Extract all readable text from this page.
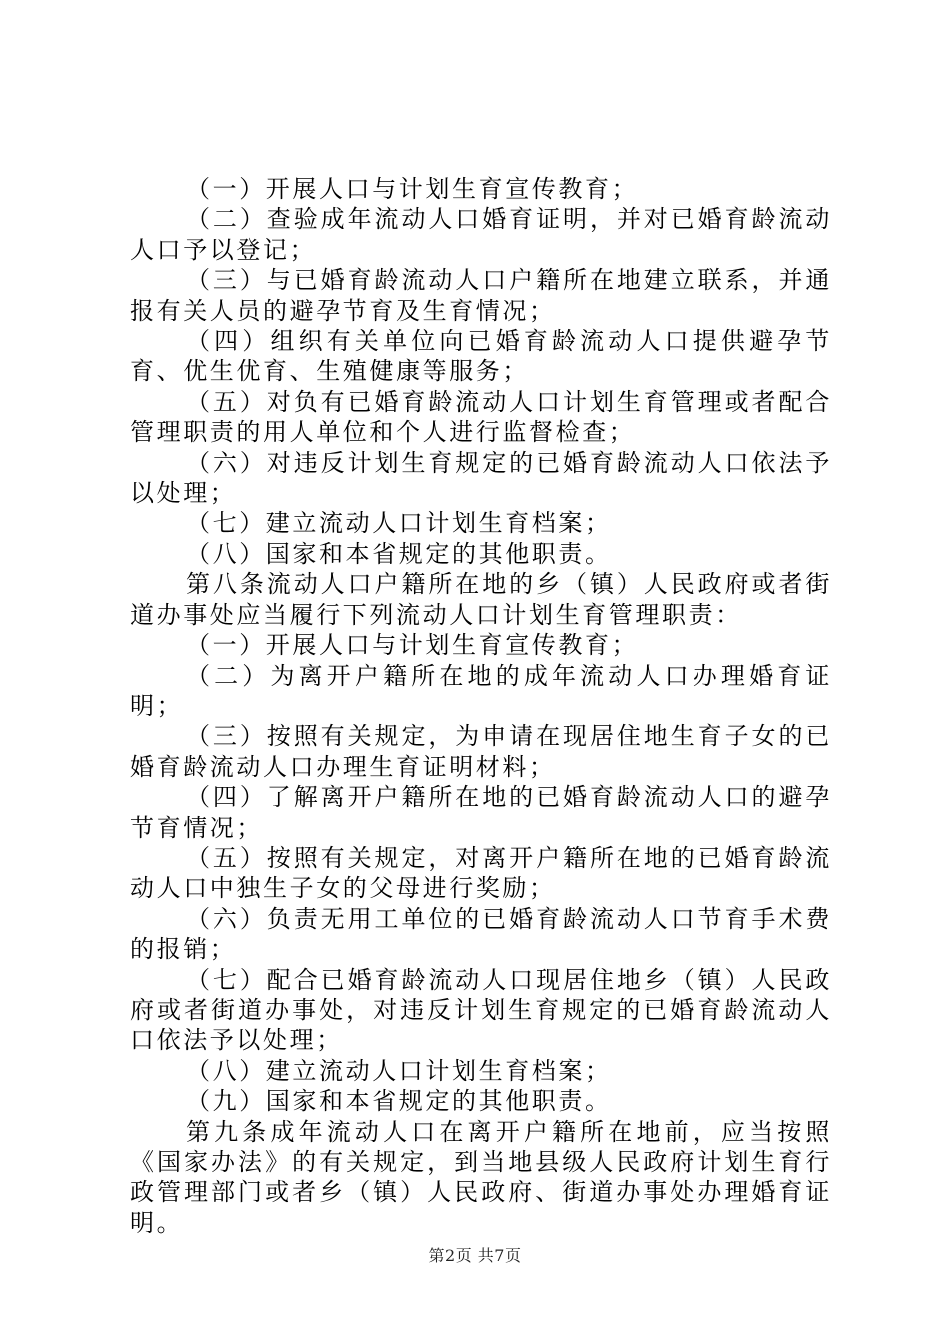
（一）开展人口与计划生育宣传教育；

（二）查验成年流动人口婚育证明，并对已婚育龄流动人口予以登记；

（三）与已婚育龄流动人口户籍所在地建立联系，并通报有关人员的避孕节育及生育情况；

（四）组织有关单位向已婚育龄流动人口提供避孕节育、优生优育、生殖健康等服务；

（五）对负有已婚育龄流动人口计划生育管理或者配合管理职责的用人单位和个人进行监督检查；

（六）对违反计划生育规定的已婚育龄流动人口依法予以处理；

（七）建立流动人口计划生育档案；

（八）国家和本省规定的其他职责。

第八条流动人口户籍所在地的乡（镇）人民政府或者街道办事处应当履行下列流动人口计划生育管理职责：

（一）开展人口与计划生育宣传教育；

（二）为离开户籍所在地的成年流动人口办理婚育证明；

（三）按照有关规定，为申请在现居住地生育子女的已婚育龄流动人口办理生育证明材料；

（四）了解离开户籍所在地的已婚育龄流动人口的避孕节育情况；

（五）按照有关规定，对离开户籍所在地的已婚育龄流动人口中独生子女的父母进行奖励；

（六）负责无用工单位的已婚育龄流动人口节育手术费的报销；

（七）配合已婚育龄流动人口现居住地乡（镇）人民政府或者街道办事处，对违反计划生育规定的已婚育龄流动人口依法予以处理；

（八）建立流动人口计划生育档案；

（九）国家和本省规定的其他职责。

第九条成年流动人口在离开户籍所在地前，应当按照《国家办法》的有关规定，到当地县级人民政府计划生育行政管理部门或者乡（镇）人民政府、街道办事处办理婚育证明。

第2页 共7页
